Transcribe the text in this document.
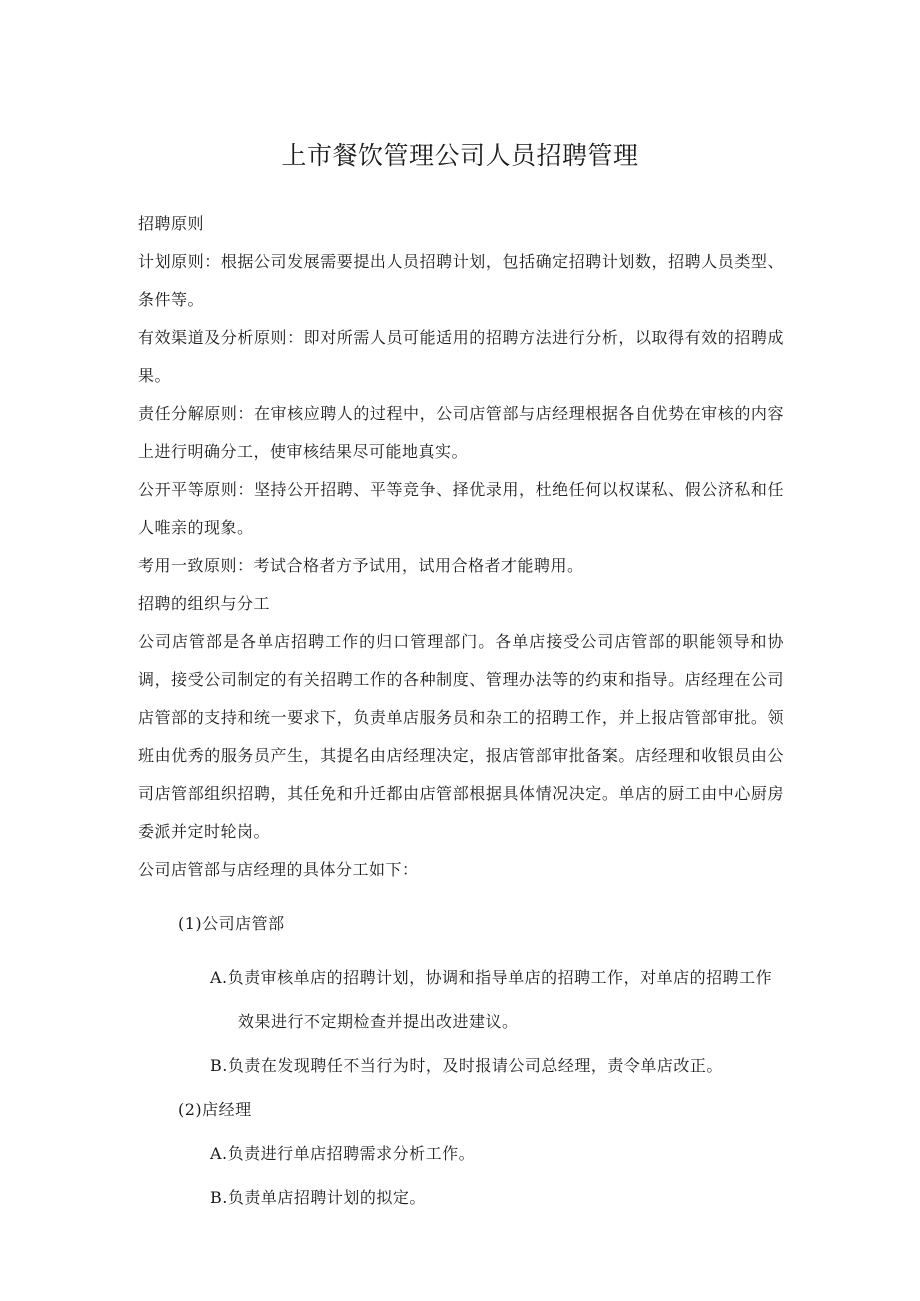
上市餐饮管理公司人员招聘管理
招聘原则
计划原则：根据公司发展需要提出人员招聘计划，包括确定招聘计划数，招聘人员类型、条件等。
有效渠道及分析原则：即对所需人员可能适用的招聘方法进行分析，以取得有效的招聘成果。
责任分解原则：在审核应聘人的过程中，公司店管部与店经理根据各自优势在审核的内容上进行明确分工，使审核结果尽可能地真实。
公开平等原则：坚持公开招聘、平等竞争、择优录用，杜绝任何以权谋私、假公济私和任人唯亲的现象。
考用一致原则：考试合格者方予试用，试用合格者才能聘用。
招聘的组织与分工
公司店管部是各单店招聘工作的归口管理部门。各单店接受公司店管部的职能领导和协调，接受公司制定的有关招聘工作的各种制度、管理办法等的约束和指导。店经理在公司店管部的支持和统一要求下，负责单店服务员和杂工的招聘工作，并上报店管部审批。领班由优秀的服务员产生，其提名由店经理决定，报店管部审批备案。店经理和收银员由公司店管部组织招聘，其任免和升迁都由店管部根据具体情况决定。单店的厨工由中心厨房委派并定时轮岗。
公司店管部与店经理的具体分工如下：
(1)公司店管部
A.负责审核单店的招聘计划，协调和指导单店的招聘工作，对单店的招聘工作效果进行不定期检查并提出改进建议。
B.负责在发现聘任不当行为时，及时报请公司总经理，责令单店改正。
(2)店经理
A.负责进行单店招聘需求分析工作。
B.负责单店招聘计划的拟定。
